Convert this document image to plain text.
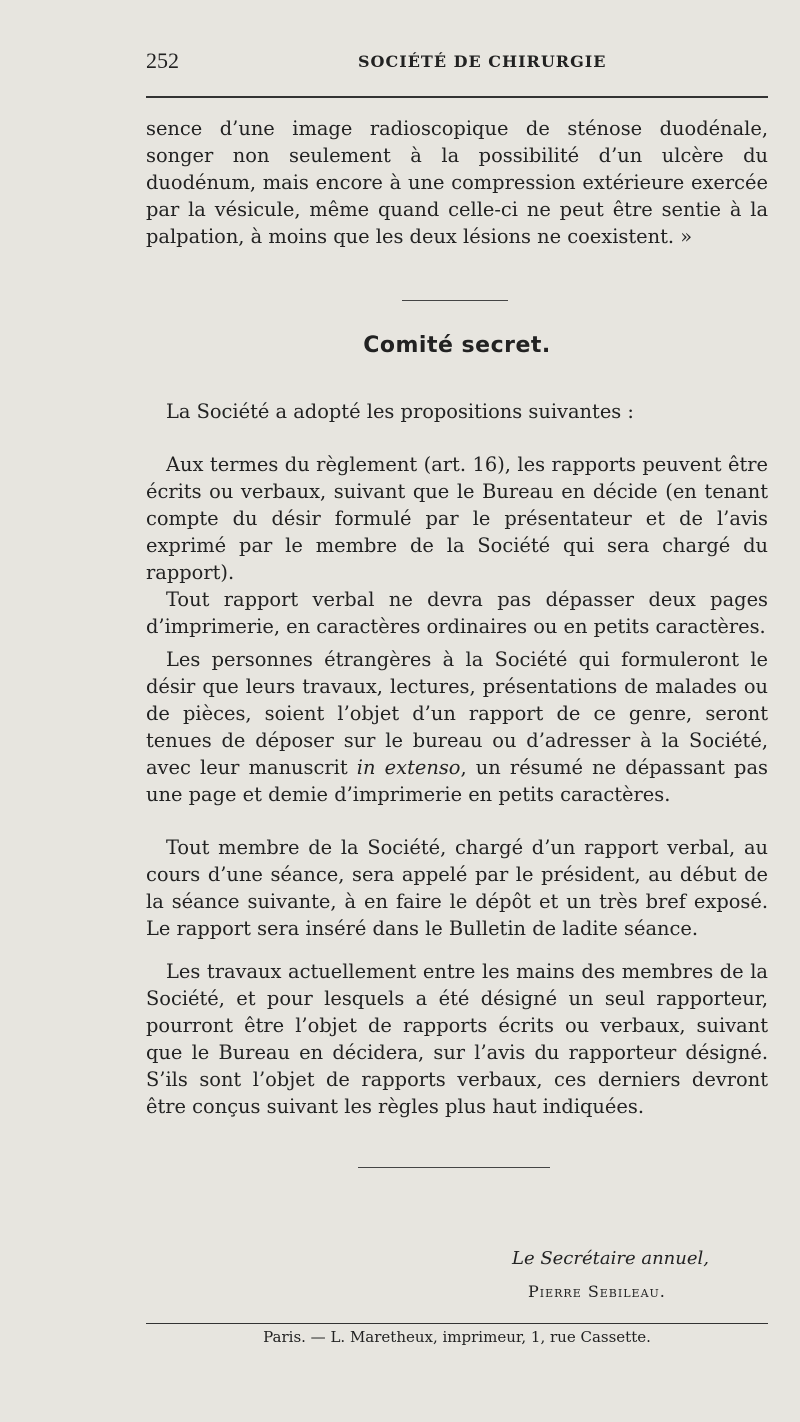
252	SOCIÉTÉ DE CHIRURGIE
sence d’une image radioscopique de sténose duodénale, songer non seulement à la possibilité d’un ulcère du duodénum, mais encore à une compression extérieure exercée par la vésicule, même quand celle-ci ne peut être sentie à la palpation, à moins que les deux lésions ne coexistent. »
Comité secret.

La Société a adopté les propositions suivantes :

Aux termes du règlement (art. 16), les rapports peuvent être écrits ou verbaux, suivant que le Bureau en décide (en tenant compte du désir formulé par le présentateur et de l’avis exprimé par le membre de la Société qui sera chargé du rapport).

Tout rapport verbal ne devra pas dépasser deux pages d’imprimerie, en caractères ordinaires ou en petits caractères.

Les personnes étrangères à la Société qui formuleront le désir que leurs travaux, lectures, présentations de malades ou de pièces, soient l’objet d’un rapport de ce genre, seront tenues de déposer sur le bureau ou d’adresser à la Société, avec leur manuscrit in extenso, un résumé ne dépassant pas une page et demie d’imprimerie en petits caractères.

Tout membre de la Société, chargé d’un rapport verbal, au cours d’une séance, sera appelé par le président, au début de la séance suivante, à en faire le dépôt et un très bref exposé. Le rapport sera inséré dans le Bulletin de ladite séance.

Les travaux actuellement entre les mains des membres de la Société, et pour lesquels a été désigné un seul rapporteur, pourront être l’objet de rapports écrits ou verbaux, suivant que le Bureau en décidera, sur l’avis du rapporteur désigné. S’ils sont l’objet de rapports verbaux, ces derniers devront être conçus suivant les règles plus haut indiquées.

Le Secrétaire annuel,
Pierre Sebileau.
Paris. — L. Maretheux, imprimeur, 1, rue Cassette.
